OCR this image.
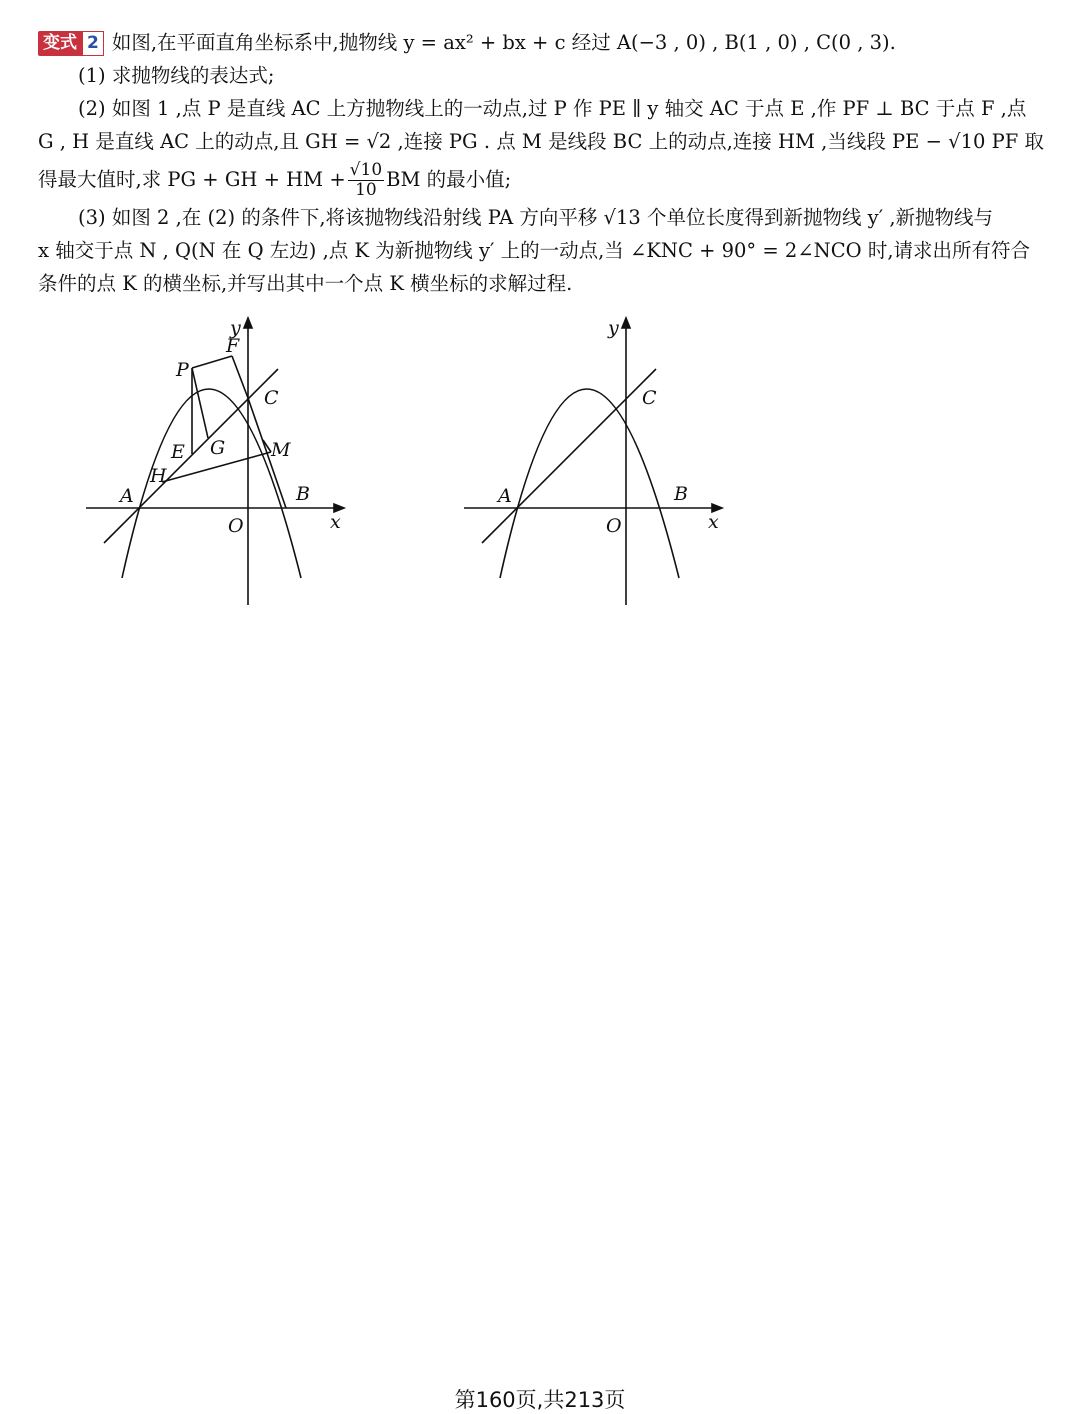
变式 2 如图,在平面直角坐标系中,抛物线 y = ax² + bx + c 经过 A(−3 , 0) , B(1 , 0) , C(0 , 3).
(1) 求抛物线的表达式;
(2) 如图 1 ,点 P 是直线 AC 上方抛物线上的一动点,过 P 作 PE ∥ y 轴交 AC 于点 E ,作 PF ⊥ BC 于点 F ,点
G , H 是直线 AC 上的动点,且 GH = √2 ,连接 PG . 点 M 是线段 BC 上的动点,连接 HM ,当线段 PE − √10 PF 取
得最大值时,求 PG + GH + HM + $\frac{√10}{10}$ BM 的最小值;
(3) 如图 2 ,在 (2) 的条件下,将该抛物线沿射线 PA 方向平移 √13 个单位长度得到新抛物线 y′ ,新抛物线与
x 轴交于点 N , Q(N 在 Q 左边) ,点 K 为新抛物线 y′ 上的一动点,当 ∠KNC + 90° = 2∠NCO 时,请求出所有符合
条件的点 K 的横坐标,并写出其中一个点 K 横坐标的求解过程.
y
F
P
C
G
E	M
H
A	B
O	x
y
C
A	B
O	x
第160页,共213页
